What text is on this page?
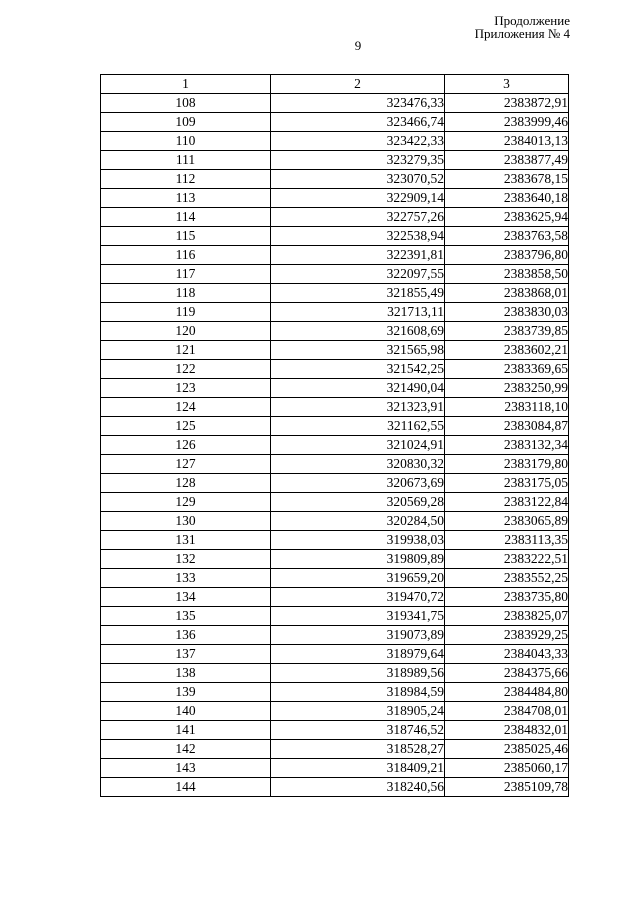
Продолжение
Приложения № 4
9
1	2	3
108	323476,33	2383872,91
109	323466,74	2383999,46
110	323422,33	2384013,13
111	323279,35	2383877,49
112	323070,52	2383678,15
113	322909,14	2383640,18
114	322757,26	2383625,94
115	322538,94	2383763,58
116	322391,81	2383796,80
117	322097,55	2383858,50
118	321855,49	2383868,01
119	321713,11	2383830,03
120	321608,69	2383739,85
121	321565,98	2383602,21
122	321542,25	2383369,65
123	321490,04	2383250,99
124	321323,91	2383118,10
125	321162,55	2383084,87
126	321024,91	2383132,34
127	320830,32	2383179,80
128	320673,69	2383175,05
129	320569,28	2383122,84
130	320284,50	2383065,89
131	319938,03	2383113,35
132	319809,89	2383222,51
133	319659,20	2383552,25
134	319470,72	2383735,80
135	319341,75	2383825,07
136	319073,89	2383929,25
137	318979,64	2384043,33
138	318989,56	2384375,66
139	318984,59	2384484,80
140	318905,24	2384708,01
141	318746,52	2384832,01
142	318528,27	2385025,46
143	318409,21	2385060,17
144	318240,56	2385109,78
